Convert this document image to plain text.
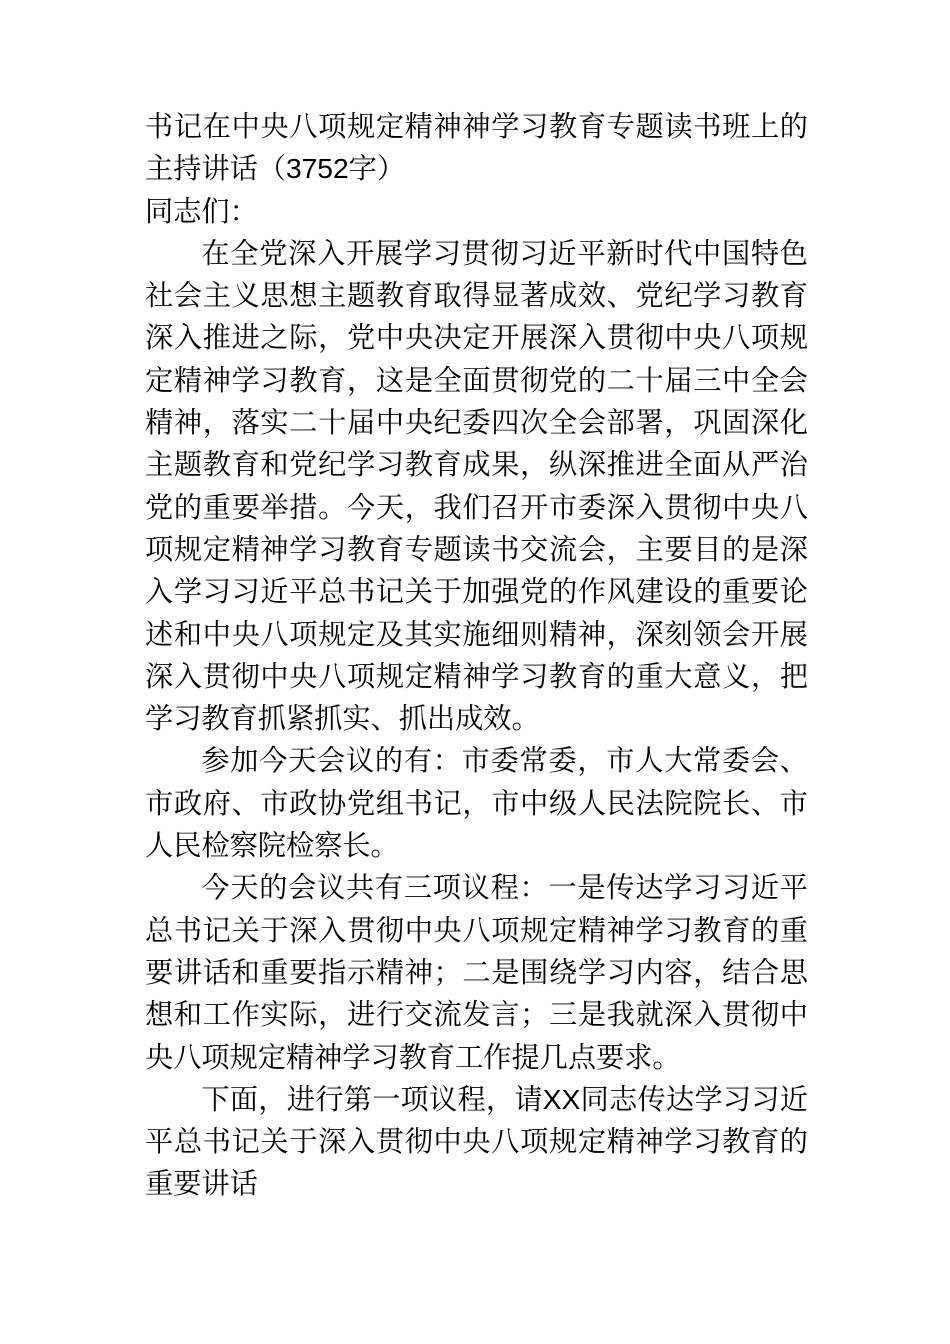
书记在中央八项规定精神神学习教育专题读书班上的主持讲话（3752字）

同志们：

在全党深入开展学习贯彻习近平新时代中国特色社会主义思想主题教育取得显著成效、党纪学习教育深入推进之际，党中央决定开展深入贯彻中央八项规定精神学习教育，这是全面贯彻党的二十届三中全会精神，落实二十届中央纪委四次全会部署，巩固深化主题教育和党纪学习教育成果，纵深推进全面从严治党的重要举措。今天，我们召开市委深入贯彻中央八项规定精神学习教育专题读书交流会，主要目的是深入学习习近平总书记关于加强党的作风建设的重要论述和中央八项规定及其实施细则精神，深刻领会开展深入贯彻中央八项规定精神学习教育的重大意义，把学习教育抓紧抓实、抓出成效。

参加今天会议的有：市委常委，市人大常委会、市政府、市政协党组书记，市中级人民法院院长、市人民检察院检察长。

今天的会议共有三项议程：一是传达学习习近平总书记关于深入贯彻中央八项规定精神学习教育的重要讲话和重要指示精神；二是围绕学习内容，结合思想和工作实际，进行交流发言；三是我就深入贯彻中央八项规定精神学习教育工作提几点要求。

下面，进行第一项议程，请XX同志传达学习习近平总书记关于深入贯彻中央八项规定精神学习教育的重要讲话
